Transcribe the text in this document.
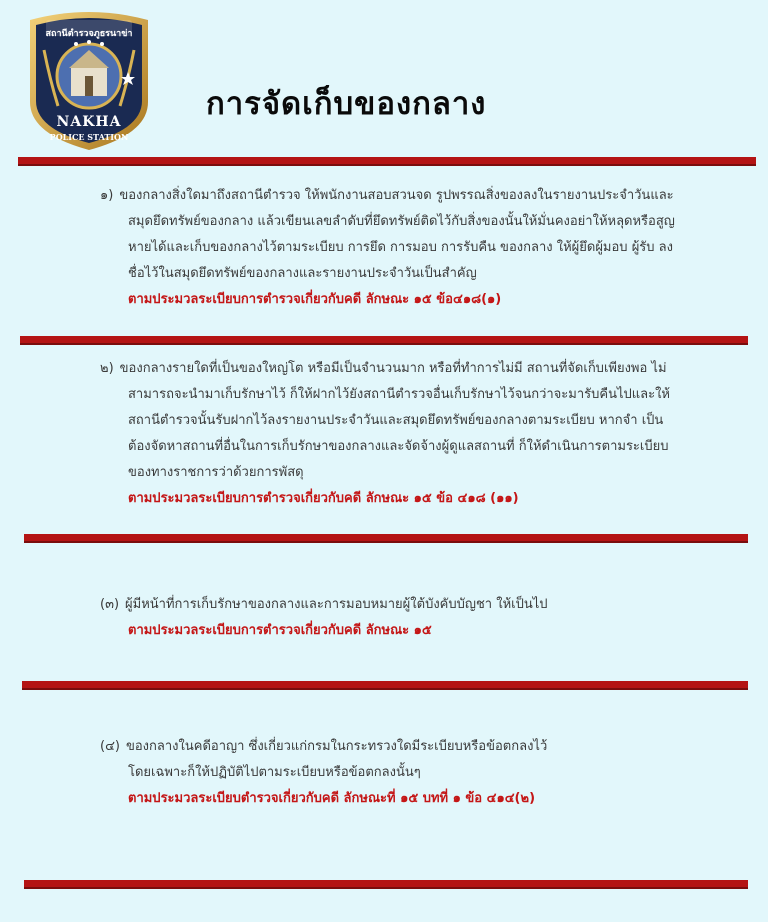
สถานีตำรวจภูธรนาข่า
NAKHA
POLICE STATION
การจัดเก็บของกลาง

๑) ของกลางสิ่งใดมาถึงสถานีตำรวจ ให้พนักงานสอบสวนจด รูปพรรณสิ่งของลงในรายงานประจำวันและ

สมุดยึดทรัพย์ของกลาง แล้วเขียนเลขลำดับที่ยึดทรัพย์ติดไว้กับสิ่งของนั้นให้มั่นคงอย่าให้หลุดหรือสูญ

หายได้และเก็บของกลางไว้ตามระเบียบ การยึด การมอบ การรับคืน ของกลาง ให้ผู้ยึดผู้มอบ ผู้รับ ลง

ชื่อไว้ในสมุดยึดทรัพย์ของกลางและรายงานประจำวันเป็นสำคัญ

ตามประมวลระเบียบการตำรวจเกี่ยวกับคดี ลักษณะ ๑๕ ข้อ๔๑๘(๑)

๒) ของกลางรายใดที่เป็นของใหญ่โต หรือมีเป็นจำนวนมาก หรือที่ทำการไม่มี สถานที่จัดเก็บเพียงพอ ไม่

สามารถจะนำมาเก็บรักษาไว้ ก็ให้ฝากไว้ยังสถานีตำรวจอื่นเก็บรักษาไว้จนกว่าจะมารับคืนไปและให้

สถานีตำรวจนั้นรับฝากไว้ลงรายงานประจำวันและสมุดยึดทรัพย์ของกลางตามระเบียบ หากจำ เป็น

ต้องจัดหาสถานที่อื่นในการเก็บรักษาของกลางและจัดจ้างผู้ดูแลสถานที่ ก็ให้ดำเนินการตามระเบียบ

ของทางราชการว่าด้วยการพัสดุ

ตามประมวลระเบียบการตำรวจเกี่ยวกับคดี ลักษณะ ๑๕ ข้อ ๔๑๘ (๑๑)

(๓) ผู้มีหน้าที่การเก็บรักษาของกลางและการมอบหมายผู้ใต้บังคับบัญชา ให้เป็นไป

ตามประมวลระเบียบการตำรวจเกี่ยวกับคดี ลักษณะ ๑๕

(๔) ของกลางในคดีอาญา ซึ่งเกี่ยวแก่กรมในกระทรวงใดมีระเบียบหรือข้อตกลงไว้

โดยเฉพาะก็ให้ปฏิบัติไปตามระเบียบหรือข้อตกลงนั้นๆ

ตามประมวลระเบียบตำรวจเกี่ยวกับคดี ลักษณะที่ ๑๕ บทที่ ๑ ข้อ ๔๑๔(๒)
